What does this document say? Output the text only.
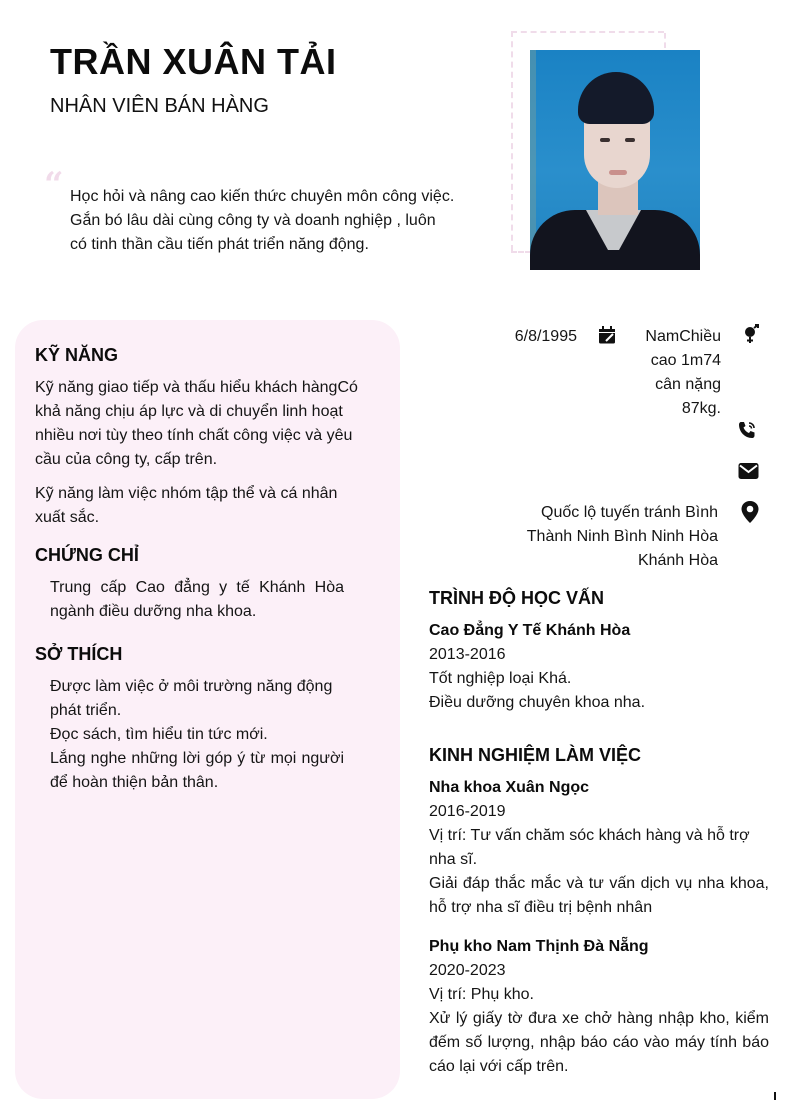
TRẦN XUÂN TẢI
NHÂN VIÊN BÁN HÀNG
“ Học hỏi và nâng cao kiến thức chuyên môn công việc. Gắn bó lâu dài cùng công ty và doanh nghiệp , luôn có tinh thần cầu tiến phát triển năng động.
KỸ NĂNG
Kỹ năng giao tiếp và thấu hiểu khách hàngCó khả năng chịu áp lực và di chuyển linh hoạt nhiều nơi tùy theo tính chất công việc và yêu cầu của công ty, cấp trên.
Kỹ năng làm việc nhóm tập thể và cá nhân xuất sắc.
CHỨNG CHỈ
Trung cấp Cao đẳng y tế Khánh Hòa ngành điều dưỡng nha khoa.
SỞ THÍCH
Được làm việc ở môi trường năng động phát triển.
Đọc sách, tìm hiểu tin tức mới.
Lắng nghe những lời góp ý từ mọi người để hoàn thiện bản thân.
6/8/1995	NamChiều
cao 1m74
cân nặng
87kg.
Quốc lộ tuyến tránh Bình
Thành Ninh Bình Ninh Hòa
Khánh Hòa
TRÌNH ĐỘ HỌC VẤN
Cao Đẳng Y Tế Khánh Hòa
2013-2016
Tốt nghiệp loại Khá.
Điều dưỡng chuyên khoa nha.
KINH NGHIỆM LÀM VIỆC
Nha khoa Xuân Ngọc
2016-2019
Vị trí: Tư vấn chăm sóc khách hàng và hỗ trợ nha sĩ.
Giải đáp thắc mắc và tư vấn dịch vụ nha khoa, hỗ trợ nha sĩ điều trị bệnh nhân
Phụ kho Nam Thịnh Đà Nẵng
2020-2023
Vị trí: Phụ kho.
Xử lý giấy tờ đưa xe chở hàng nhập kho, kiểm đếm số lượng, nhập báo cáo vào máy tính báo cáo lại với cấp trên.
